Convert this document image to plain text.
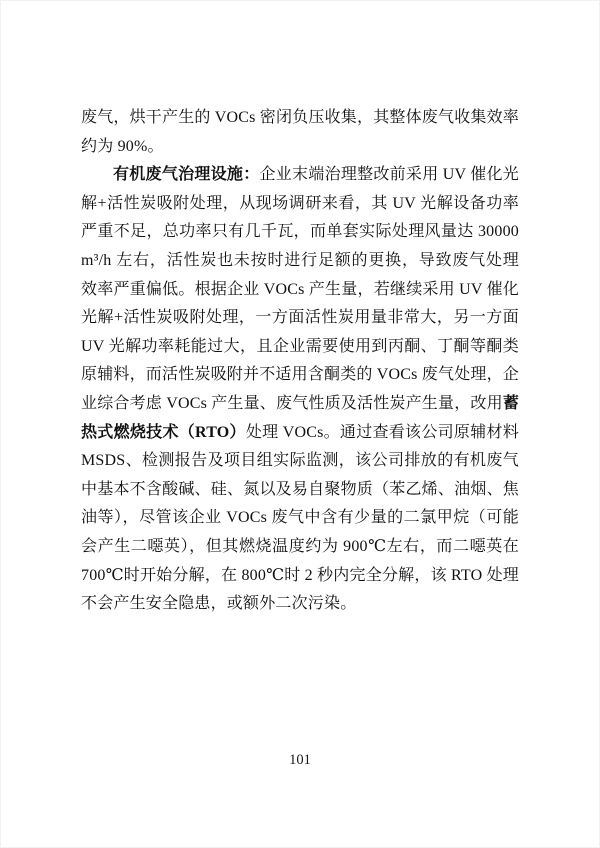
废气，烘干产生的 VOCs 密闭负压收集，其整体废气收集效率约为 90%。

有机废气治理设施：企业末端治理整改前采用 UV 催化光解+活性炭吸附处理，从现场调研来看，其 UV 光解设备功率严重不足，总功率只有几千瓦，而单套实际处理风量达 30000m³/h 左右，活性炭也未按时进行足额的更换，导致废气处理效率严重偏低。根据企业 VOCs 产生量，若继续采用 UV 催化光解+活性炭吸附处理，一方面活性炭用量非常大，另一方面 UV 光解功率耗能过大，且企业需要使用到丙酮、丁酮等酮类原辅料，而活性炭吸附并不适用含酮类的 VOCs 废气处理，企业综合考虑 VOCs 产生量、废气性质及活性炭产生量，改用蓄热式燃烧技术（RTO）处理 VOCs。通过查看该公司原辅材料 MSDS、检测报告及项目组实际监测，该公司排放的有机废气中基本不含酸碱、硅、氮以及易自聚物质（苯乙烯、油烟、焦油等），尽管该企业 VOCs 废气中含有少量的二氯甲烷（可能会产生二噁英），但其燃烧温度约为 900℃左右，而二噁英在 700℃时开始分解，在 800℃时 2 秒内完全分解，该 RTO 处理不会产生安全隐患，或额外二次污染。

101
